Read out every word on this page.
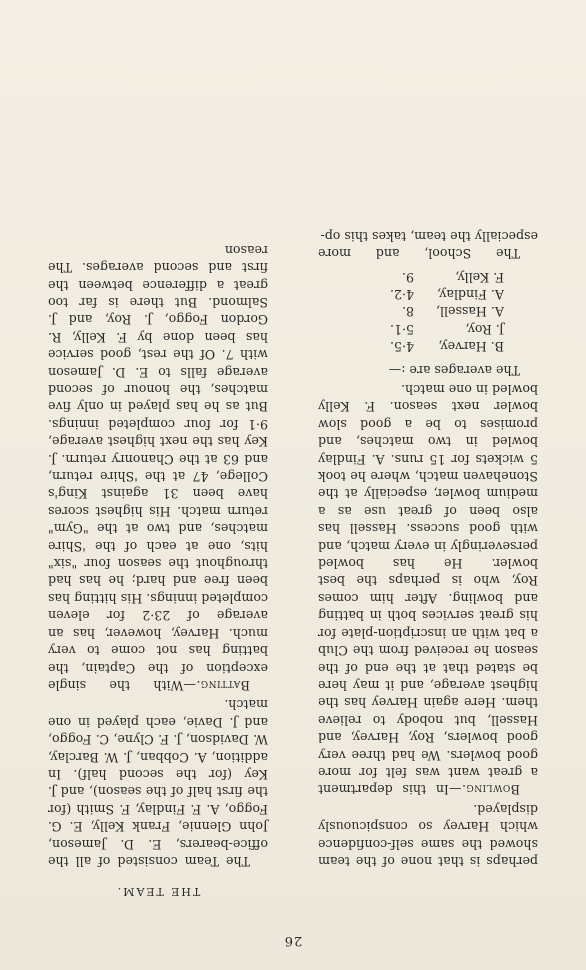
26
THE TEAM.

The Team consisted of all the office-bearers, E. D. Jameson, John Glennie, Frank Kelly, E. G. Foggo, A. F. Findlay, F. Smith (for the first half of the season), and J. Key (for the second half). In addition, A. Cobban, J. W. Barclay, W. Davidson, J. F. Clyne, C. Foggo, and J. Davie, each played in one match.

Batting.—With the single exception of the Captain, the batting has not come to very much. Harvey, however, has an average of 23·2 for eleven completed innings. His hitting has been free and hard; he has had throughout the season four "six" hits, one at each of the 'Shire matches, and two at the "Gym" return match. His highest scores have been 31 against King's College, 47 at the 'Shire return, and 63 at the Chanonry return. J. Key has the next highest average, 9·1 for four completed innings. But as he has played in only five matches, the honour of second average falls to E. D. Jameson with 7. Of the rest, good service has been done by F. Kelly, R. Gordon Foggo, J. Roy, and J. Salmond. But there is far too great a difference between the first and second averages. The reason

perhaps is that none of the team showed the same self-confidence which Harvey so conspicuously displayed.

Bowling.—In this department a great want was felt for more good bowlers. We had three very good bowlers, Roy, Harvey, and Hassell, but nobody to relieve them. Here again Harvey has the highest average, and it may here be stated that at the end of the season he received from the Club a bat with an inscription-plate for his great services both in batting and bowling. After him comes Roy, who is perhaps the best bowler. He has bowled perseveringly in every match, and with good success. Hassell has also been of great use as a medium bowler, especially at the Stonehaven match, where he took 5 wickets for 15 runs. A. Findlay bowled in two matches, and promises to be a good slow bowler next season. F. Kelly bowled in one match.

The averages are :—

B. Harvey,4·5.
J. Roy,5·1.
A. Hassell,8.
A. Findlay,4·2.
F. Kelly,9.

The School, and more especially the team, takes this op-
